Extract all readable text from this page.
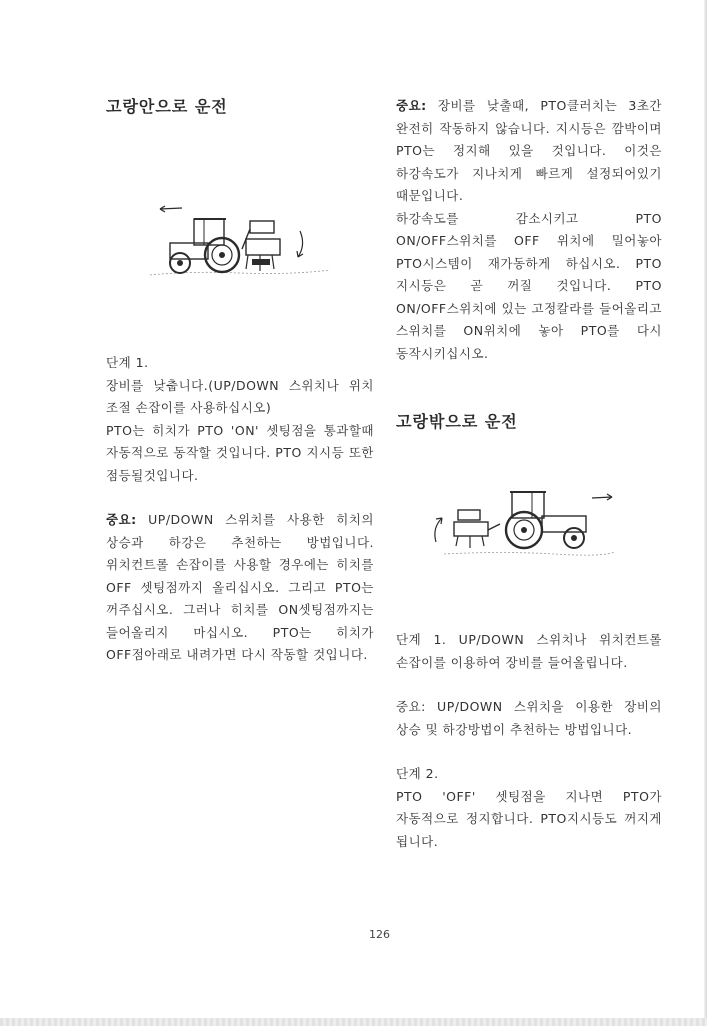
고랑안으로 운전

단계 1.

장비를 낮춥니다.(UP/DOWN 스위치나 위치 조절 손잡이를 사용하십시오)

PTO는 히치가 PTO 'ON' 셋팅점을 통과할때 자동적으로 동작할 것입니다. PTO 지시등 또한 점등될것입니다.

중요: UP/DOWN 스위치를 사용한 히치의 상승과 하강은 추천하는 방법입니다. 위치컨트롤 손잡이를 사용할 경우에는 히치를 OFF 셋팅점까지 올리십시오. 그리고 PTO는 꺼주십시오. 그러나 히치를 ON셋팅점까지는 들어올리지 마십시오. PTO는 히치가 OFF점아래로 내려가면 다시 작동할 것입니다.

중요: 장비를 낮출때, PTO클러치는 3초간 완전히 작동하지 않습니다. 지시등은 깜박이며 PTO는 정지해 있을 것입니다. 이것은 하강속도가 지나치게 빠르게 설정되어있기 때문입니다.

하강속도를 감소시키고 PTO ON/OFF스위치를 OFF 위치에 밀어놓아 PTO시스템이 재가동하게 하십시오. PTO 지시등은 곧 꺼질 것입니다. PTO ON/OFF스위치에 있는 고정칼라를 들어올리고 스위치를 ON위치에 놓아 PTO를 다시 동작시키십시오.

고랑밖으로 운전

단계 1. UP/DOWN 스위치나 위치컨트롤 손잡이를 이용하여 장비를 들어올립니다.

중요: UP/DOWN 스위치을 이용한 장비의 상승 및 하강방법이 추천하는 방법입니다.

단계 2.

PTO 'OFF' 셋팅점을 지나면 PTO가 자동적으로 정지합니다. PTO지시등도 꺼지게 됩니다.

126
